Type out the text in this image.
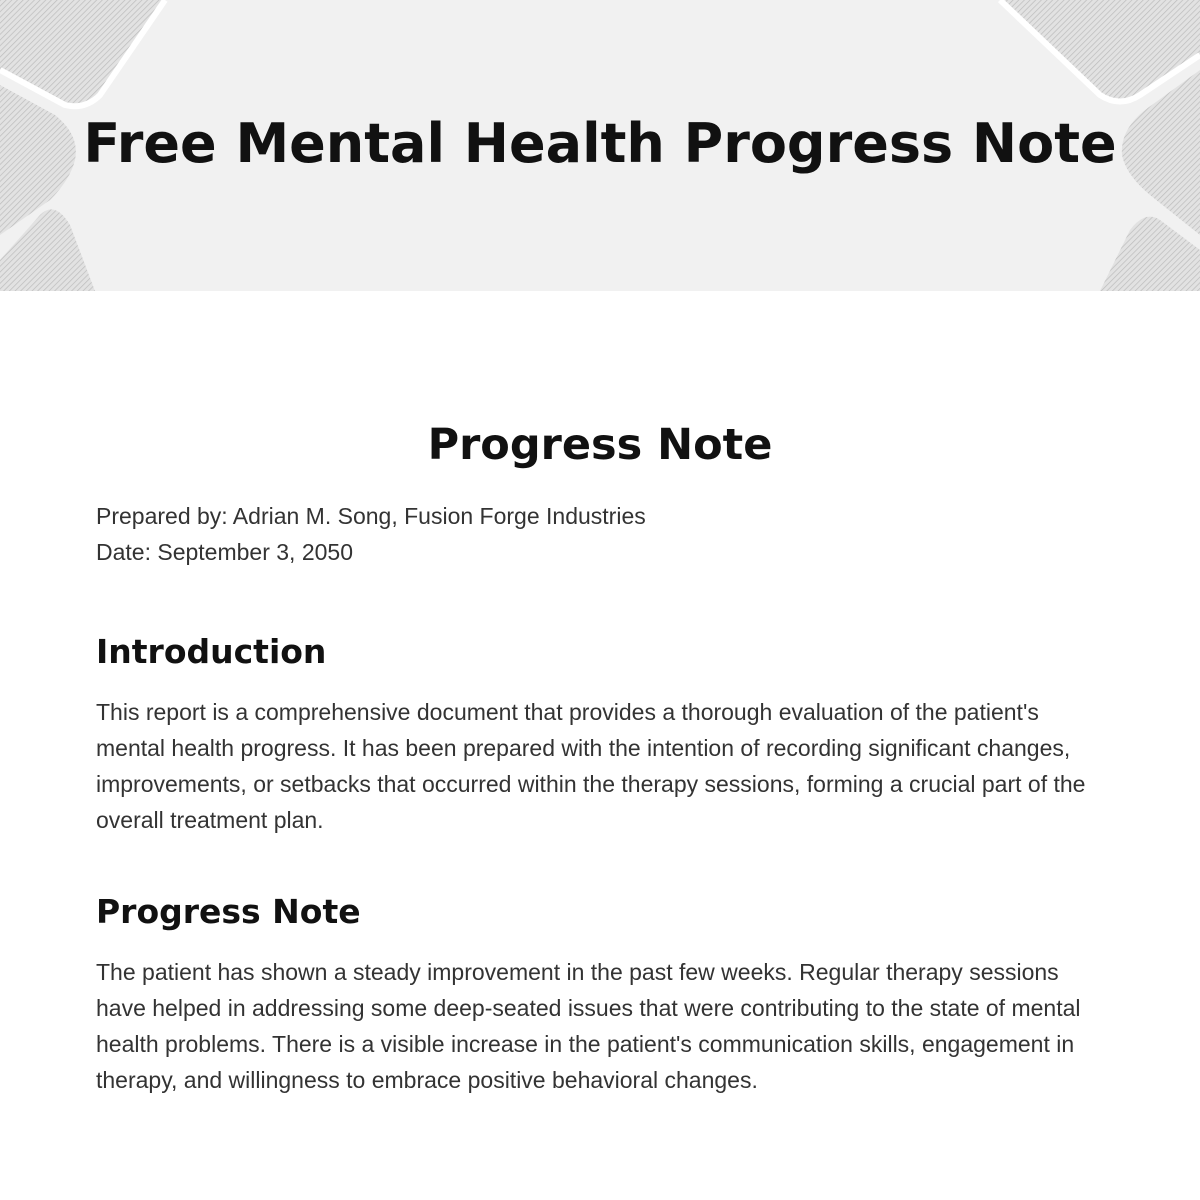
Free Mental Health Progress Note
Progress Note
Prepared by: Adrian M. Song, Fusion Forge Industries
Date: September 3, 2050
Introduction

This report is a comprehensive document that provides a thorough evaluation of the patient's mental health progress. It has been prepared with the intention of recording significant changes, improvements, or setbacks that occurred within the therapy sessions, forming a crucial part of the overall treatment plan.

Progress Note

The patient has shown a steady improvement in the past few weeks. Regular therapy sessions have helped in addressing some deep-seated issues that were contributing to the state of mental health problems. There is a visible increase in the patient's communication skills, engagement in therapy, and willingness to embrace positive behavioral changes.
